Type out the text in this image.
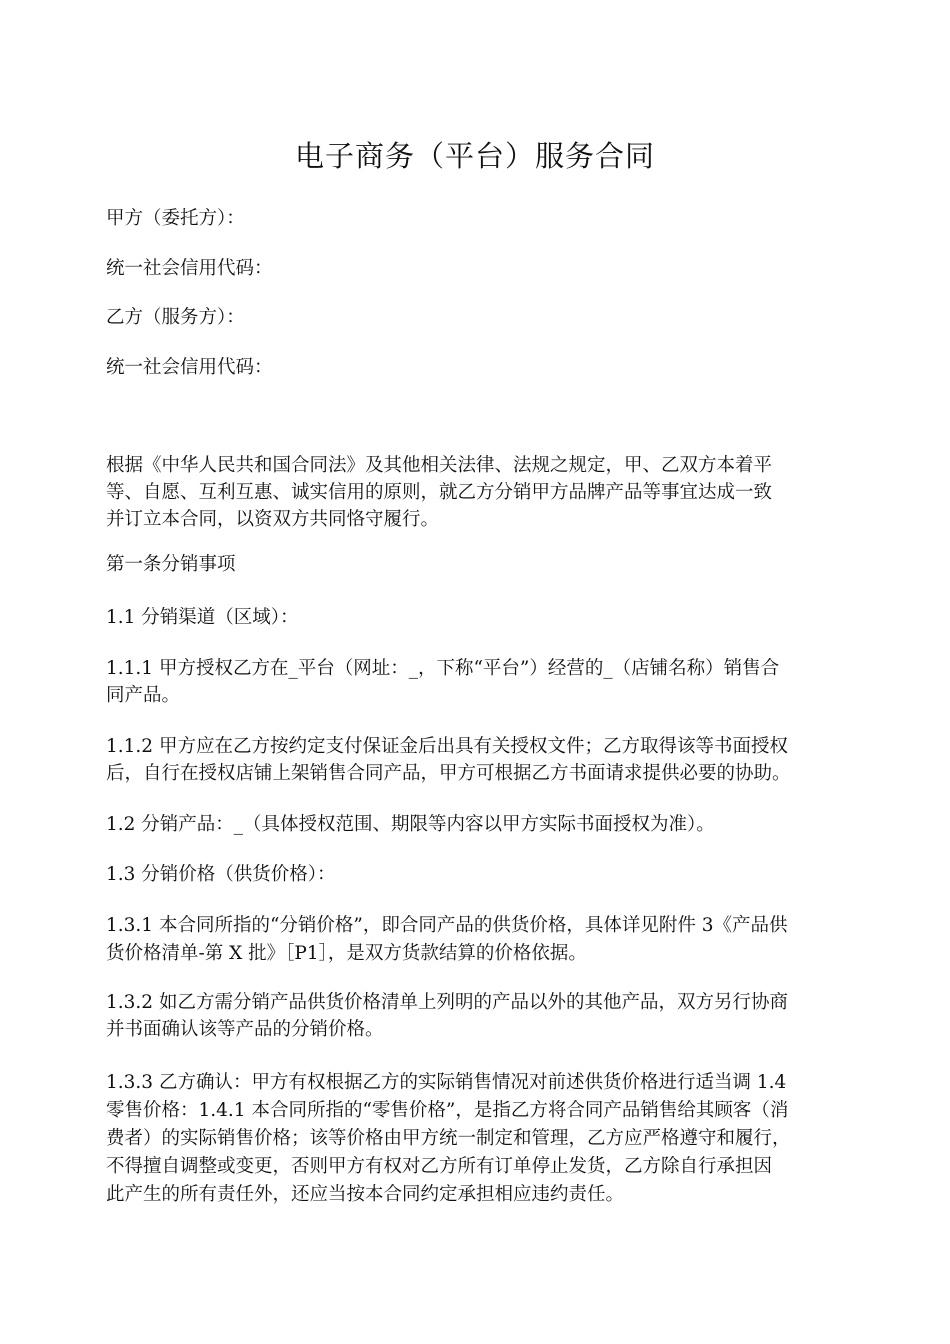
电子商务（平台）服务合同
甲方（委托方）：
统一社会信用代码：
乙方（服务方）：
统一社会信用代码：
根据《中华人民共和国合同法》及其他相关法律、法规之规定，甲、乙双方本着平
等、自愿、互利互惠、诚实信用的原则，就乙方分销甲方品牌产品等事宜达成一致
并订立本合同，以资双方共同恪守履行。
第一条分销事项
1.1 分销渠道（区域）：
1.1.1 甲方授权乙方在_平台（网址：_，下称“平台”）经营的_（店铺名称）销售合
同产品。
1.1.2 甲方应在乙方按约定支付保证金后出具有关授权文件；乙方取得该等书面授权
后，自行在授权店铺上架销售合同产品，甲方可根据乙方书面请求提供必要的协助。
1.2 分销产品：_（具体授权范围、期限等内容以甲方实际书面授权为准）。
1.3 分销价格（供货价格）：
1.3.1 本合同所指的“分销价格”，即合同产品的供货价格，具体详见附件 3《产品供
货价格清单-第 X 批》［P1］，是双方货款结算的价格依据。
1.3.2 如乙方需分销产品供货价格清单上列明的产品以外的其他产品，双方另行协商
并书面确认该等产品的分销价格。
1.3.3 乙方确认：甲方有权根据乙方的实际销售情况对前述供货价格进行适当调 1.4
零售价格：1.4.1 本合同所指的“零售价格”，是指乙方将合同产品销售给其顾客（消
费者）的实际销售价格；该等价格由甲方统一制定和管理，乙方应严格遵守和履行，
不得擅自调整或变更，否则甲方有权对乙方所有订单停止发货，乙方除自行承担因
此产生的所有责任外，还应当按本合同约定承担相应违约责任。
